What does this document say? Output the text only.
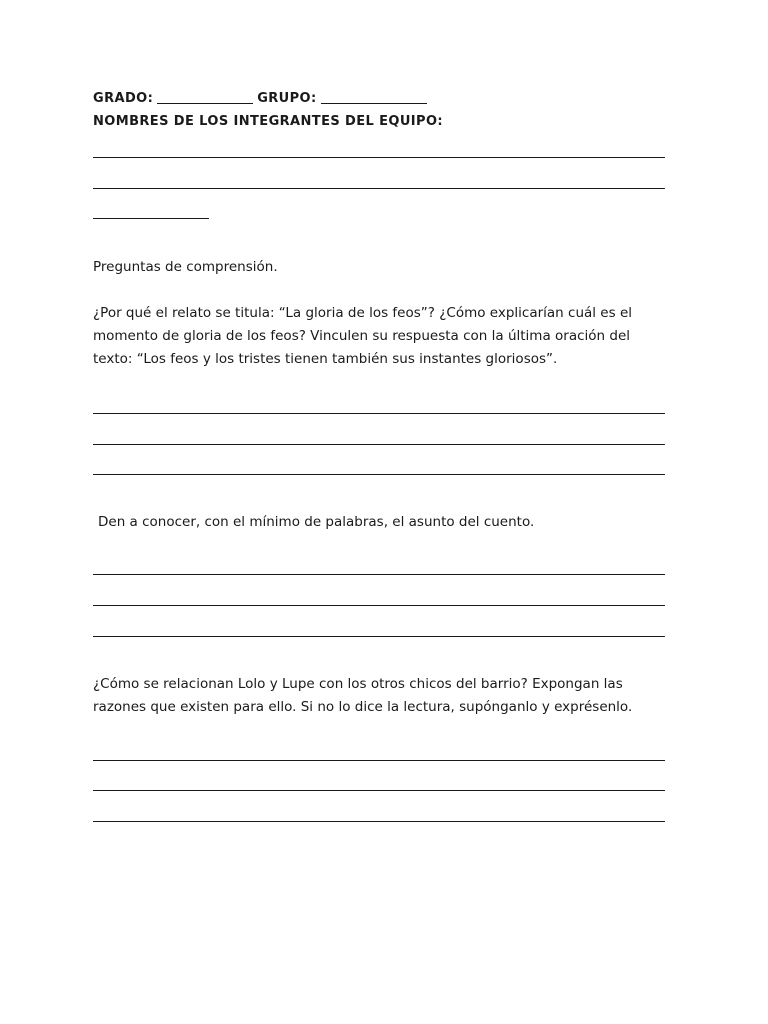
GRADO:	GRUPO:
NOMBRES DE LOS INTEGRANTES DEL EQUIPO:

Preguntas de comprensión.

¿Por qué el relato se titula: “La gloria de los feos”? ¿Cómo explicarían cuál es el momento de gloria de los feos? Vinculen su respuesta con la última oración del texto: “Los feos y los tristes tienen también sus instantes gloriosos”.

Den a conocer, con el mínimo de palabras, el asunto del cuento.

¿Cómo se relacionan Lolo y Lupe con los otros chicos del barrio? Expongan las razones que existen para ello. Si no lo dice la lectura, supónganlo y exprésenlo.
